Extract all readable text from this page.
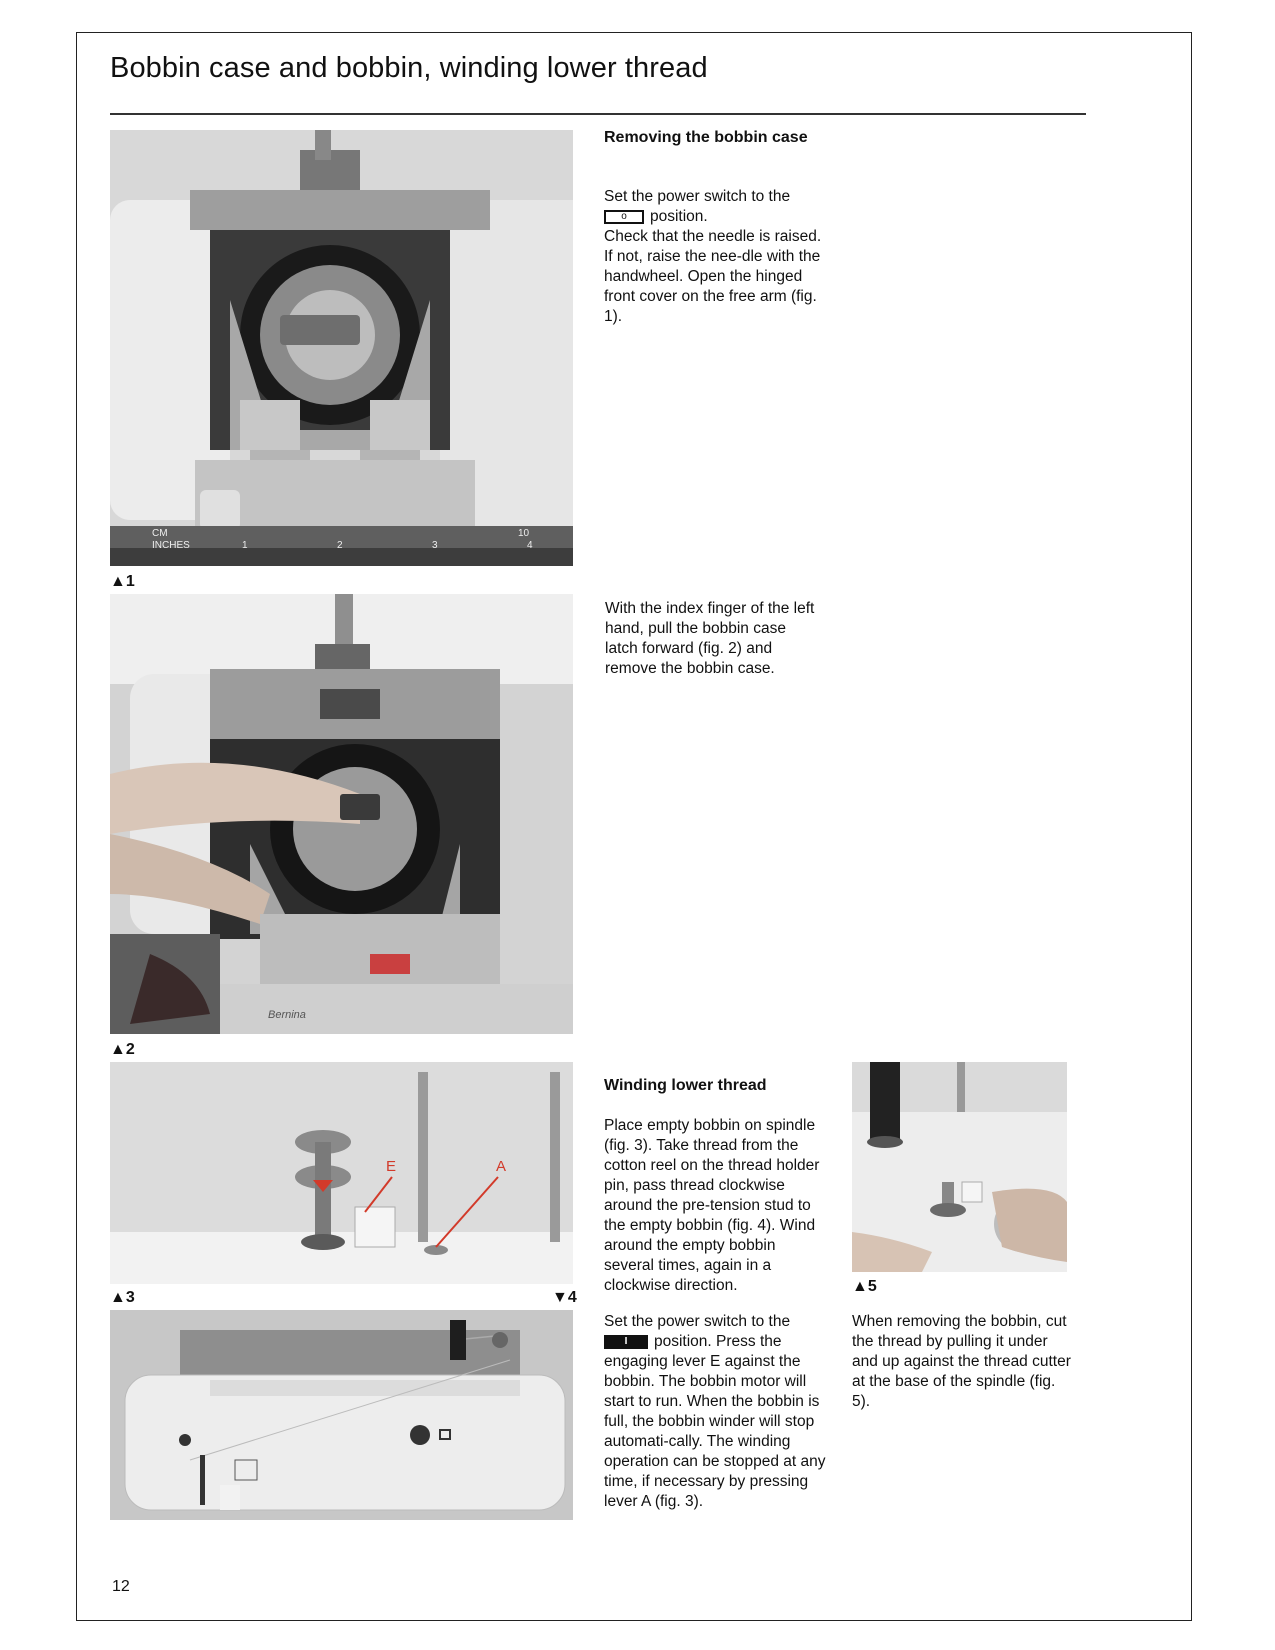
Bobbin case and bobbin, winding lower thread
CM
INCHES	1	2	3	4
10
▲1
Bernina
▲2
E	A
▲3	▼4
▲5
Removing the bobbin case

Set the power switch to the

o position.

Check that the needle is raised. If not, raise the nee-dle with the handwheel. Open the hinged front cover on the free arm (fig. 1).

With the index finger of the left hand, pull the bobbin case latch forward (fig. 2) and remove the bobbin case.
Winding lower thread
Place empty bobbin on spindle (fig. 3). Take thread from the cotton reel on the thread holder pin, pass thread clockwise around the pre-tension stud to the empty bobbin (fig. 4). Wind around the empty bobbin several times, again in a clockwise direction.

Set the power switch to the

I position. Press the engaging lever E against the bobbin. The bobbin motor will start to run. When the bobbin is full, the bobbin winder will stop automati-cally. The winding operation can be stopped at any time, if necessary by pressing lever A (fig. 3).

When removing the bobbin, cut the thread by pulling it under and up against the thread cutter at the base of the spindle (fig. 5).
12
